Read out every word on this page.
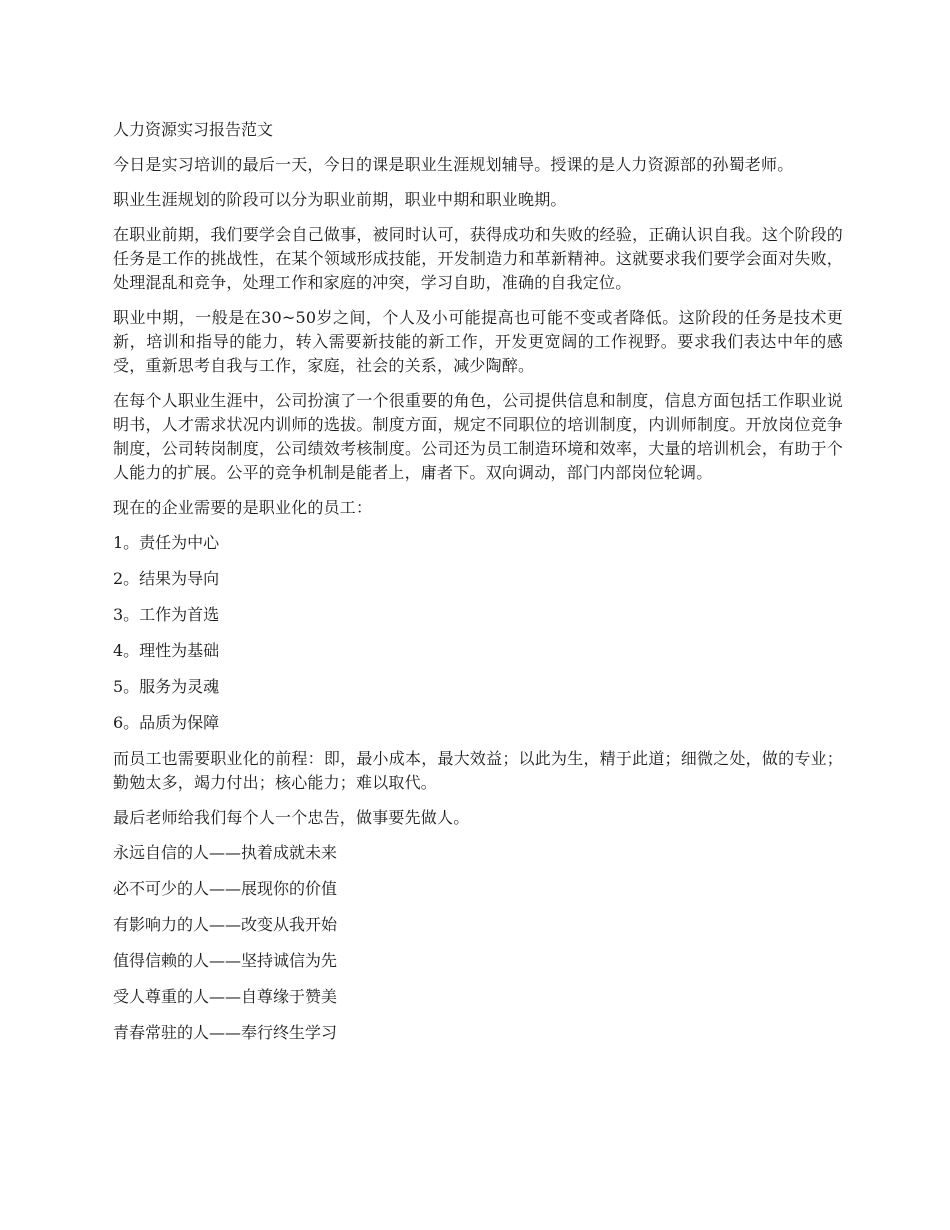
人力资源实习报告范文

今日是实习培训的最后一天，今日的课是职业生涯规划辅导。授课的是人力资源部的孙蜀老师。

职业生涯规划的阶段可以分为职业前期，职业中期和职业晚期。

在职业前期，我们要学会自己做事，被同时认可，获得成功和失败的经验，正确认识自我。这个阶段的任务是工作的挑战性，在某个领域形成技能，开发制造力和革新精神。这就要求我们要学会面对失败，处理混乱和竞争，处理工作和家庭的冲突，学习自助，准确的自我定位。

职业中期，一般是在30~50岁之间，个人及小可能提高也可能不变或者降低。这阶段的任务是技术更新，培训和指导的能力，转入需要新技能的新工作，开发更宽阔的工作视野。要求我们表达中年的感受，重新思考自我与工作，家庭，社会的关系，减少陶醉。

在每个人职业生涯中，公司扮演了一个很重要的角色，公司提供信息和制度，信息方面包括工作职业说明书，人才需求状况内训师的选拔。制度方面，规定不同职位的培训制度，内训师制度。开放岗位竞争制度，公司转岗制度，公司绩效考核制度。公司还为员工制造环境和效率，大量的培训机会，有助于个人能力的扩展。公平的竞争机制是能者上，庸者下。双向调动，部门内部岗位轮调。

现在的企业需要的是职业化的员工：

1。责任为中心

2。结果为导向

3。工作为首选

4。理性为基础

5。服务为灵魂

6。品质为保障

而员工也需要职业化的前程：即，最小成本，最大效益；以此为生，精于此道；细微之处，做的专业；勤勉太多，竭力付出；核心能力；难以取代。

最后老师给我们每个人一个忠告，做事要先做人。

永远自信的人——执着成就未来

必不可少的人——展现你的价值

有影响力的人——改变从我开始

值得信赖的人——坚持诚信为先

受人尊重的人——自尊缘于赞美

青春常驻的人——奉行终生学习
